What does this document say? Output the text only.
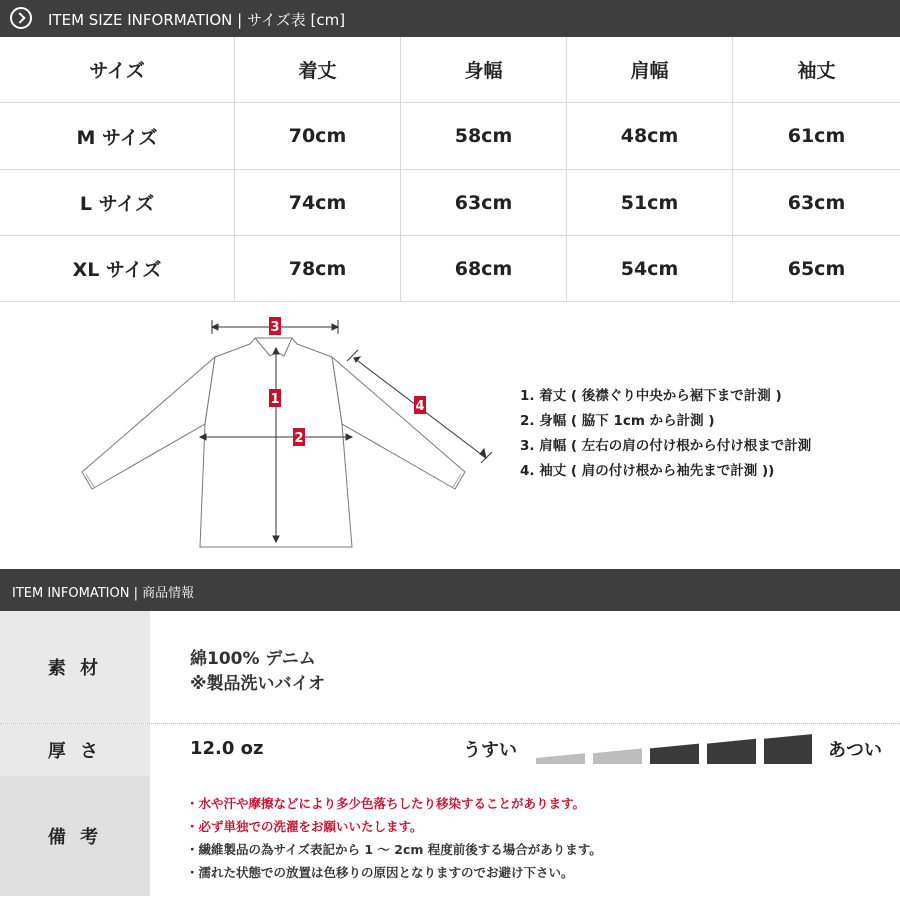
ITEM SIZE INFORMATION | サイズ表 [cm]
サイズ	着丈	身幅	肩幅	袖丈
M サイズ	70cm	58cm	48cm	61cm
L サイズ	74cm	63cm	51cm	63cm
XL サイズ	78cm	68cm	54cm	65cm
3
1
2
4
1. 着丈 ( 後襟ぐり中央から裾下まで計測 )
2. 身幅 ( 脇下 1cm から計測 )
3. 肩幅 ( 左右の肩の付け根から付け根まで計測
4. 袖丈 ( 肩の付け根から袖先まで計測 ))
ITEM INFOMATION | 商品情報
素 材	綿100% デニム
※製品洗いバイオ
厚 さ	12.0 oz	うすい	あつい
備 考
・水や汗や摩擦などにより多少色落ちしたり移染することがあります。
・必ず単独での洗濯をお願いいたします。
・繊維製品の為サイズ表記から 1 ～ 2cm 程度前後する場合があります。
・濡れた状態での放置は色移りの原因となりますのでお避け下さい。
